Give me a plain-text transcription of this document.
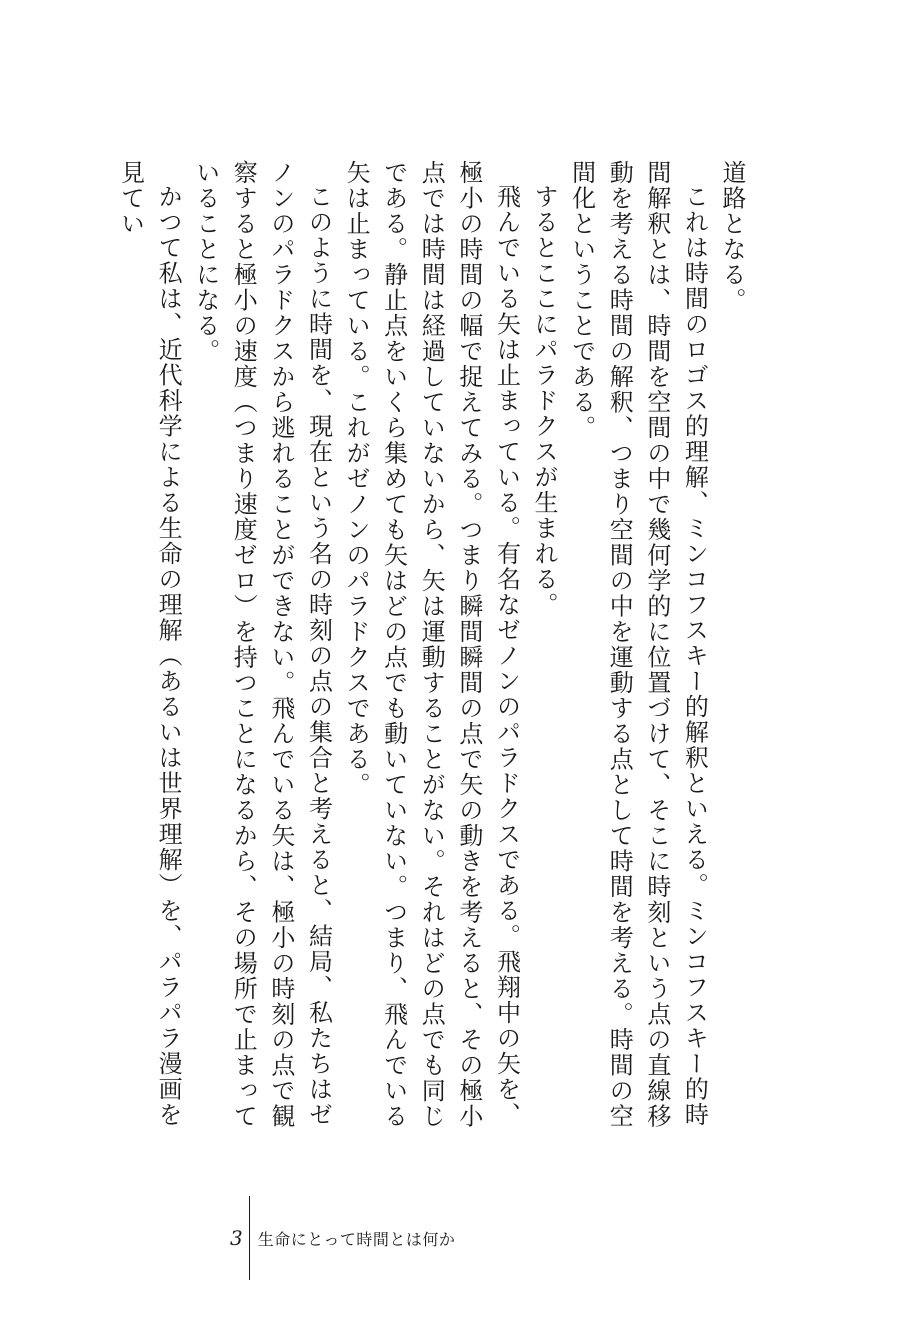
道路となる。

これは時間のロゴス的理解、ミンコフスキー的解釈といえる。ミンコフスキー的時間解釈とは、時間を空間の中で幾何学的に位置づけて、そこに時刻という点の直線移動を考える時間の解釈、つまり空間の中を運動する点として時間を考える。時間の空間化ということである。

するとここにパラドクスが生まれる。

飛んでいる矢は止まっている。有名なゼノンのパラドクスである。飛翔中の矢を、極小の時間の幅で捉えてみる。つまり瞬間瞬間の点で矢の動きを考えると、その極小点では時間は経過していないから、矢は運動することがない。それはどの点でも同じである。静止点をいくら集めても矢はどの点でも動いていない。つまり、飛んでいる矢は止まっている。これがゼノンのパラドクスである。

このように時間を、現在という名の時刻の点の集合と考えると、結局、私たちはゼノンのパラドクスから逃れることができない。飛んでいる矢は、極小の時刻の点で観察すると極小の速度（つまり速度ゼロ）を持つことになるから、その場所で止まっていることになる。

かつて私は、近代科学による生命の理解（あるいは世界理解）を、パラパラ漫画を見てい

3 生命にとって時間とは何か
